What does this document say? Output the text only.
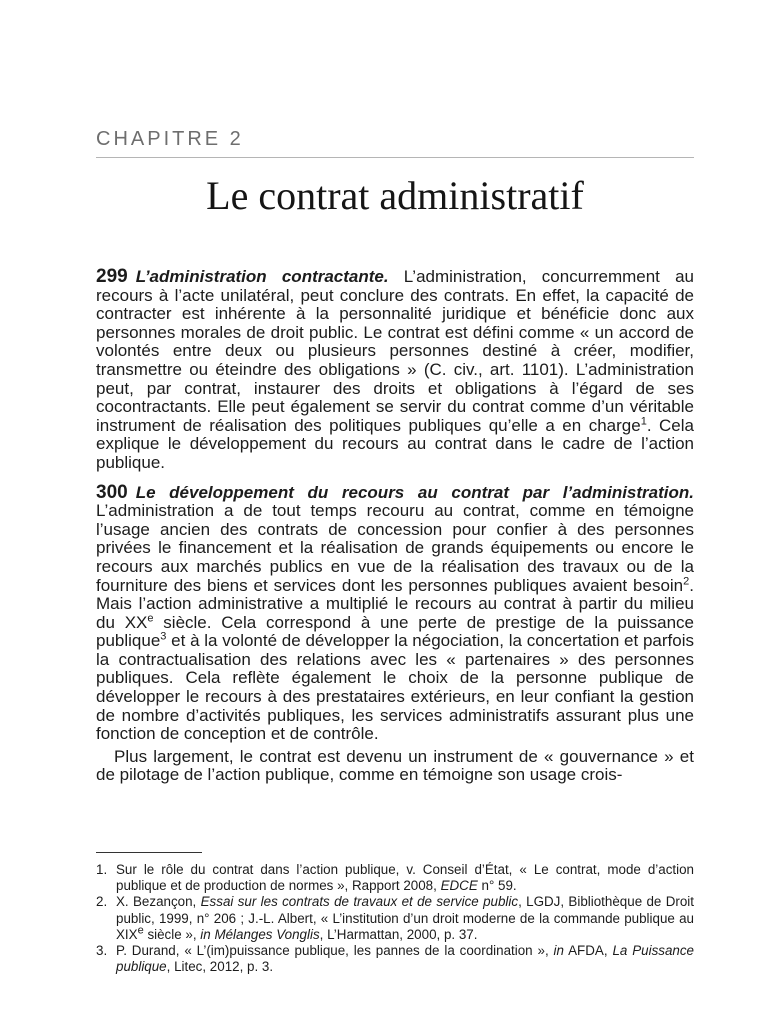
CHAPITRE 2
Le contrat administratif

299 L’administration contractante. L’administration, concurremment au recours à l’acte unilatéral, peut conclure des contrats. En effet, la capacité de contracter est inhérente à la personnalité juridique et bénéficie donc aux personnes morales de droit public. Le contrat est défini comme « un accord de volontés entre deux ou plusieurs personnes destiné à créer, modifier, transmettre ou éteindre des obligations » (C. civ., art. 1101). L’administration peut, par contrat, instaurer des droits et obligations à l’égard de ses cocontractants. Elle peut également se servir du contrat comme d’un véritable instrument de réalisation des politiques publiques qu’elle a en charge$^1$. Cela explique le développement du recours au contrat dans le cadre de l’action publique.

300 Le développement du recours au contrat par l’administration. L’administration a de tout temps recouru au contrat, comme en témoigne l’usage ancien des contrats de concession pour confier à des personnes privées le financement et la réalisation de grands équipements ou encore le recours aux marchés publics en vue de la réalisation des travaux ou de la fourniture des biens et services dont les personnes publiques avaient besoin$^2$. Mais l’action administrative a multiplié le recours au contrat à partir du milieu du XXe siècle. Cela correspond à une perte de prestige de la puissance publique$^3$ et à la volonté de développer la négociation, la concertation et parfois la contractualisation des relations avec les « partenaires » des personnes publiques. Cela reflète également le choix de la personne publique de développer le recours à des prestataires extérieurs, en leur confiant la gestion de nombre d’activités publiques, les services administratifs assurant plus une fonction de conception et de contrôle.

Plus largement, le contrat est devenu un instrument de « gouvernance » et de pilotage de l’action publique, comme en témoigne son usage crois-

1. Sur le rôle du contrat dans l’action publique, v. Conseil d’État, « Le contrat, mode d’action publique et de production de normes », Rapport 2008, EDCE n° 59.

2. X. Bezançon, Essai sur les contrats de travaux et de service public, LGDJ, Bibliothèque de Droit public, 1999, n° 206 ; J.-L. Albert, « L’institution d’un droit moderne de la commande publique au XIXe siècle », in Mélanges Vonglis, L’Harmattan, 2000, p. 37.

3. P. Durand, « L’(im)puissance publique, les pannes de la coordination », in AFDA, La Puissance publique, Litec, 2012, p. 3.
